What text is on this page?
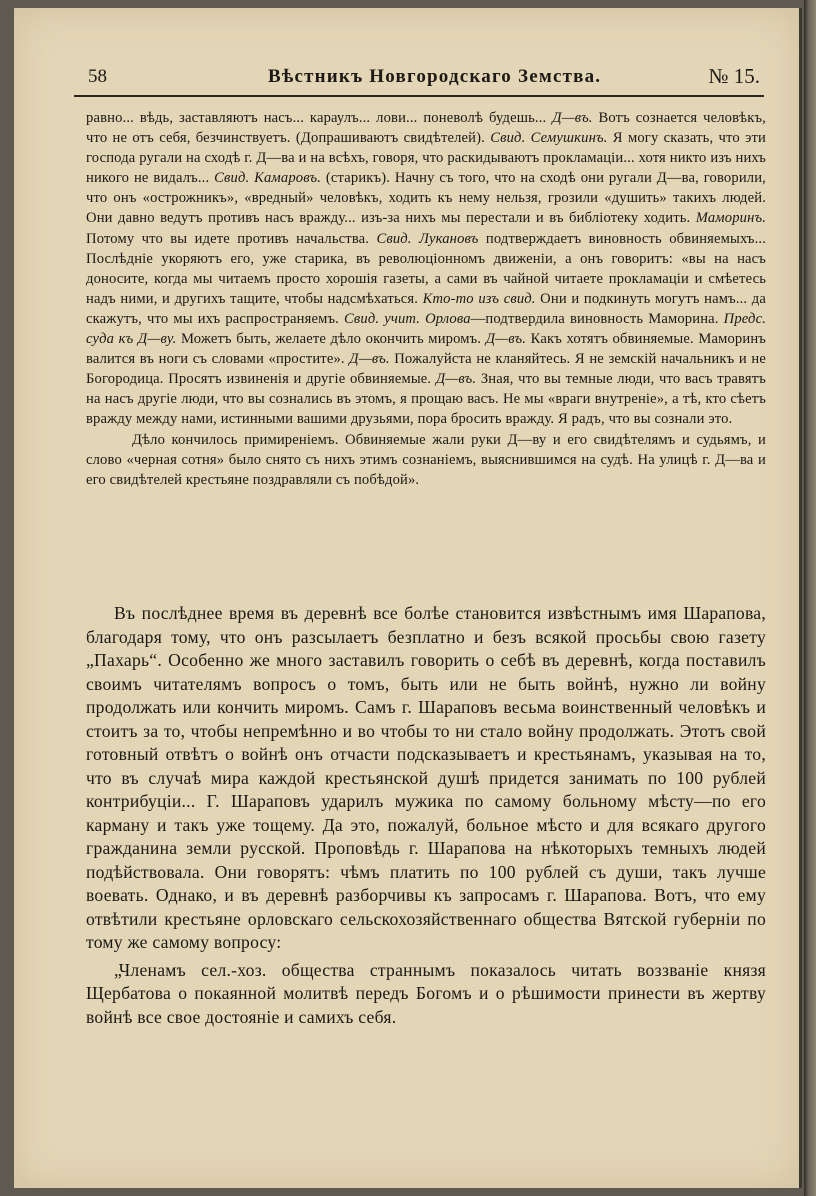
58	Вѣстникъ Новгородскаго Земства.	№ 15.

равно... вѣдь, заставляютъ насъ... караулъ... лови... поневолѣ будешь... Д—въ. Вотъ сознается человѣкъ, что не отъ себя, безчинствуетъ. (Допрашиваютъ свидѣтелей). Свид. Семушкинъ. Я могу сказать, что эти господа ругали на сходѣ г. Д—ва и на всѣхъ, говоря, что раскидываютъ прокламаціи... хотя никто изъ нихъ никого не видалъ... Свид. Камаровъ. (старикъ). Начну съ того, что на сходѣ они ругали Д—ва, говорили, что онъ «острожникъ», «вредный» человѣкъ, ходить къ нему нельзя, грозили «душить» такихъ людей. Они давно ведутъ противъ насъ вражду... изъ-за нихъ мы перестали и въ библіотеку ходить. Маморинъ. Потому что вы идете противъ начальства. Свид. Лукановъ подтверждаетъ виновность обвиняемыхъ... Послѣдніе укоряютъ его, уже старика, въ революціонномъ движеніи, а онъ говоритъ: «вы на насъ доносите, когда мы читаемъ просто хорошія газеты, а сами въ чайной читаете прокламаціи и смѣетесь надъ ними, и другихъ тащите, чтобы надсмѣхаться. Кто-то изъ свид. Они и подкинуть могутъ намъ... да скажутъ, что мы ихъ распространяемъ. Свид. учит. Орлова—подтвердила виновность Маморина. Предс. суда къ Д—ву. Можетъ быть, желаете дѣло окончить миромъ. Д—въ. Какъ хотятъ обвиняемые. Маморинъ валится въ ноги съ словами «простите». Д—въ. Пожалуйста не кланяйтесь. Я не земскій начальникъ и не Богородица. Просятъ извиненія и другіе обвиняемые. Д—въ. Зная, что вы темные люди, что васъ травятъ на насъ другіе люди, что вы сознались въ этомъ, я прощаю васъ. Не мы «враги внутреніе», а тѣ, кто сѣетъ вражду между нами, истинными вашими друзьями, пора бросить вражду. Я радъ, что вы сознали это.

Дѣло кончилось примиреніемъ. Обвиняемые жали руки Д—ву и его свидѣтелямъ и судьямъ, и слово «черная сотня» было снято съ нихъ этимъ сознаніемъ, выяснившимся на судѣ. На улицѣ г. Д—ва и его свидѣтелей крестьяне поздравляли съ побѣдой».

Въ послѣднее время въ деревнѣ все болѣе становится извѣстнымъ имя Шарапова, благодаря тому, что онъ разсылаетъ безплатно и безъ всякой просьбы свою газету „Пахарь“. Особенно же много заставилъ говорить о себѣ въ деревнѣ, когда поставилъ своимъ читателямъ вопросъ о томъ, быть или не быть войнѣ, нужно ли войну продолжать или кончить миромъ. Самъ г. Шараповъ весьма воинственный человѣкъ и стоитъ за то, чтобы непремѣнно и во чтобы то ни стало войну продолжать. Этотъ свой готовный отвѣтъ о войнѣ онъ отчасти подсказываетъ и крестьянамъ, указывая на то, что въ случаѣ мира каждой крестьянской душѣ придется занимать по 100 рублей контрибуціи... Г. Шараповъ ударилъ мужика по самому больному мѣсту—по его карману и такъ уже тощему. Да это, пожалуй, больное мѣсто и для всякаго другого гражданина земли русской. Проповѣдь г. Шарапова на нѣкоторыхъ темныхъ людей подѣйствовала. Они говорятъ: чѣмъ платить по 100 рублей съ души, такъ лучше воевать. Однако, и въ деревнѣ разборчивы къ запросамъ г. Шарапова. Вотъ, что ему отвѣтили крестьяне орловскаго сельскохозяйственнаго общества Вятской губерніи по тому же самому вопросу:

„Членамъ сел.-хоз. общества страннымъ показалось читать воззваніе князя Щербатова о покаянной молитвѣ передъ Богомъ и о рѣшимости принести въ жертву войнѣ все свое достояніе и самихъ себя.
